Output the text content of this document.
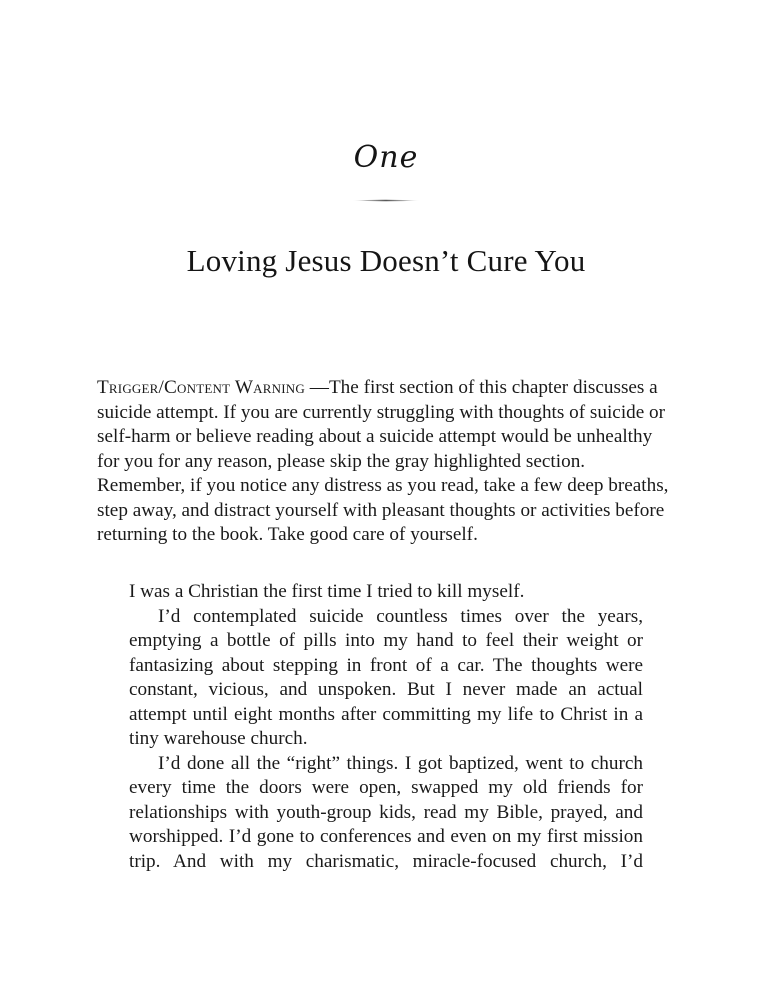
One
Loving Jesus Doesn’t Cure You
Trigger/Content Warning —The first section of this chapter discusses a suicide attempt. If you are currently struggling with thoughts of suicide or self-harm or believe reading about a suicide attempt would be unhealthy for you for any reason, please skip the gray highlighted section. Remember, if you notice any distress as you read, take a few deep breaths, step away, and distract yourself with pleasant thoughts or activities before returning to the book. Take good care of yourself.

I was a Christian the first time I tried to kill myself.

I’d contemplated suicide countless times over the years, emptying a bottle of pills into my hand to feel their weight or fantasizing about stepping in front of a car. The thoughts were constant, vicious, and unspoken. But I never made an actual attempt until eight months after committing my life to Christ in a tiny warehouse church.

I’d done all the “right” things. I got baptized, went to church every time the doors were open, swapped my old friends for relationships with youth-group kids, read my Bible, prayed, and worshipped. I’d gone to conferences and even on my first mission trip. And with my charismatic, miracle-focused church, I’d
